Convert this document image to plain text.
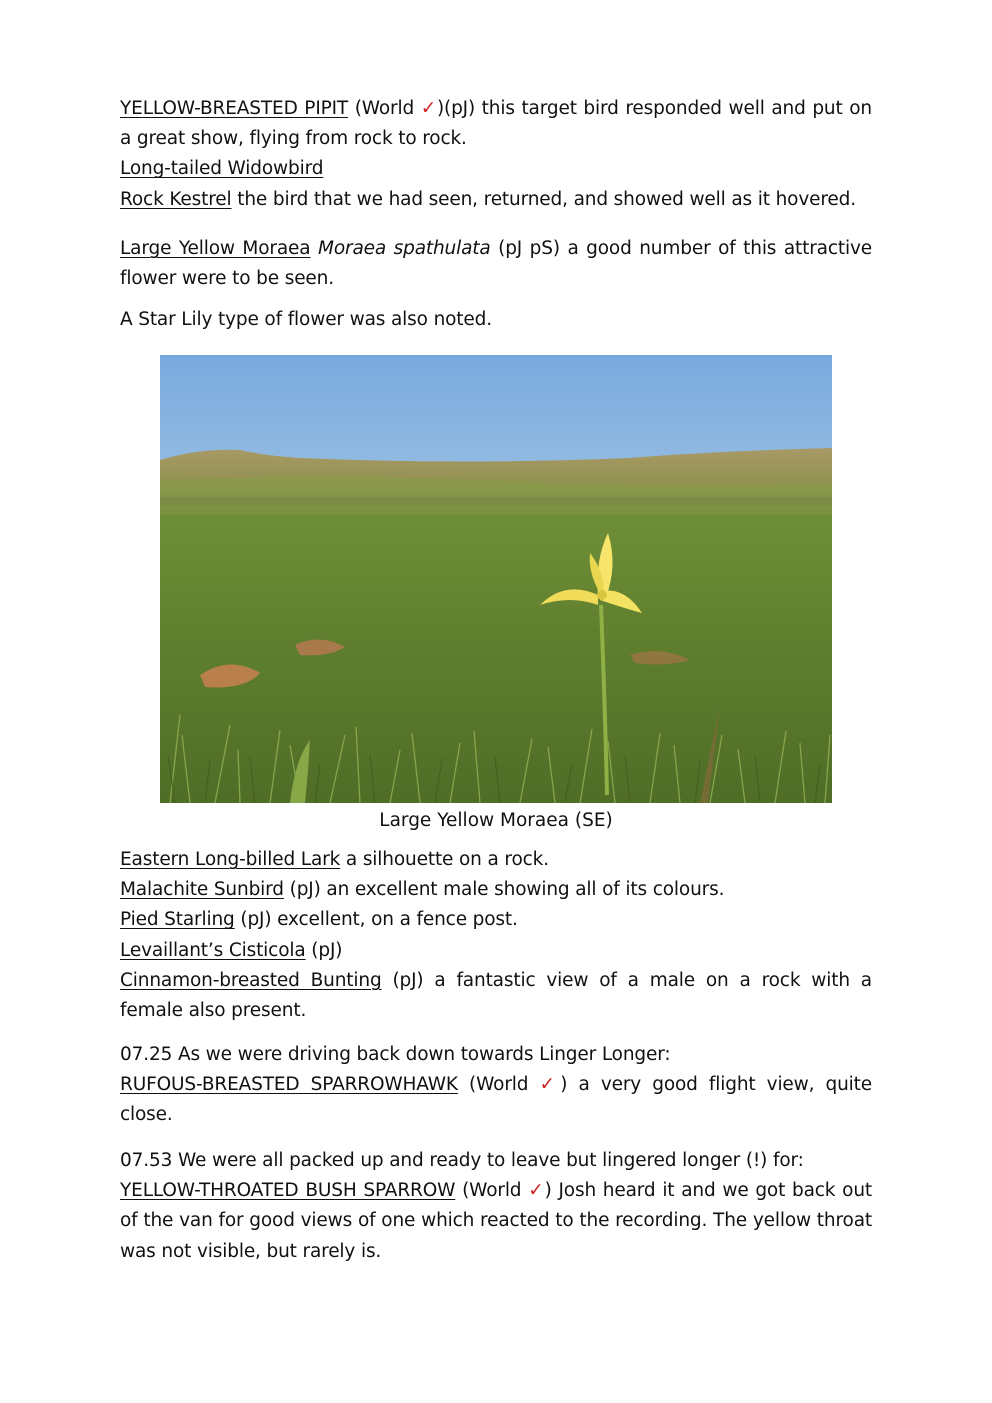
YELLOW-BREASTED PIPIT (World ✓)(pJ) this target bird responded well and put on a great show, flying from rock to rock.

Long-tailed Widowbird

Rock Kestrel the bird that we had seen, returned, and showed well as it hovered.

Large Yellow Moraea Moraea spathulata (pJ pS) a good number of this attractive flower were to be seen.

A Star Lily type of flower was also noted.

Large Yellow Moraea (SE)

Eastern Long-billed Lark a silhouette on a rock.

Malachite Sunbird (pJ) an excellent male showing all of its colours.

Pied Starling (pJ) excellent, on a fence post.

Levaillant’s Cisticola (pJ)

Cinnamon-breasted Bunting (pJ) a fantastic view of a male on a rock with a female also present.

07.25 As we were driving back down towards Linger Longer:

RUFOUS-BREASTED SPARROWHAWK (World ✓) a very good flight view, quite close.

07.53 We were all packed up and ready to leave but lingered longer (!) for:

YELLOW-THROATED BUSH SPARROW (World ✓) Josh heard it and we got back out of the van for good views of one which reacted to the recording. The yellow throat was not visible, but rarely is.
